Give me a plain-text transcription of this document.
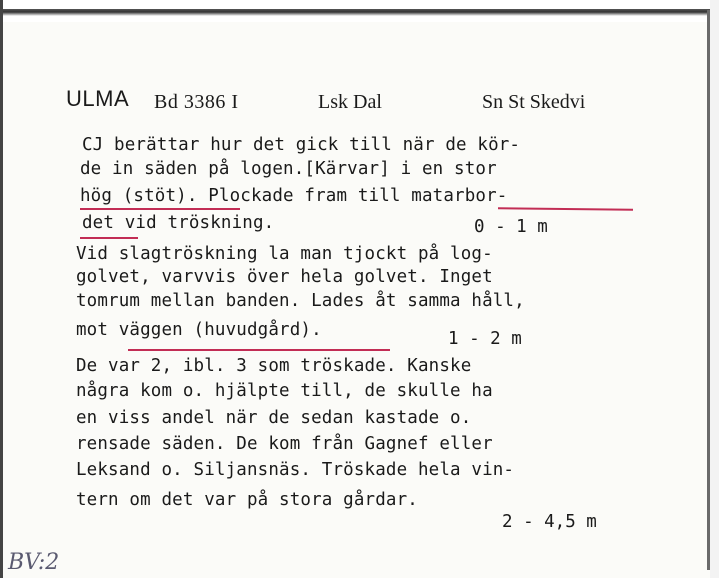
ULMA Bd 3386 I	Lsk Dal	Sn St Skedvi
CJ berättar hur det gick till när de kör-
de in säden på logen.[Kärvar] i en stor
hög (stöt). Plockade fram till matarbor-
det vid tröskning.
Vid slagtröskning la man tjockt på log-
golvet, varvvis över hela golvet. Inget
tomrum mellan banden. Lades åt samma håll,
mot väggen (huvudgård).
De var 2, ibl. 3 som tröskade. Kanske
några kom o. hjälpte till, de skulle ha
en viss andel när de sedan kastade o.
rensade säden. De kom från Gagnef eller
Leksand o. Siljansnäs. Tröskade hela vin-
tern om det var på stora gårdar.
0 - 1 m
1 - 2 m
2 - 4,5 m
BV:2
